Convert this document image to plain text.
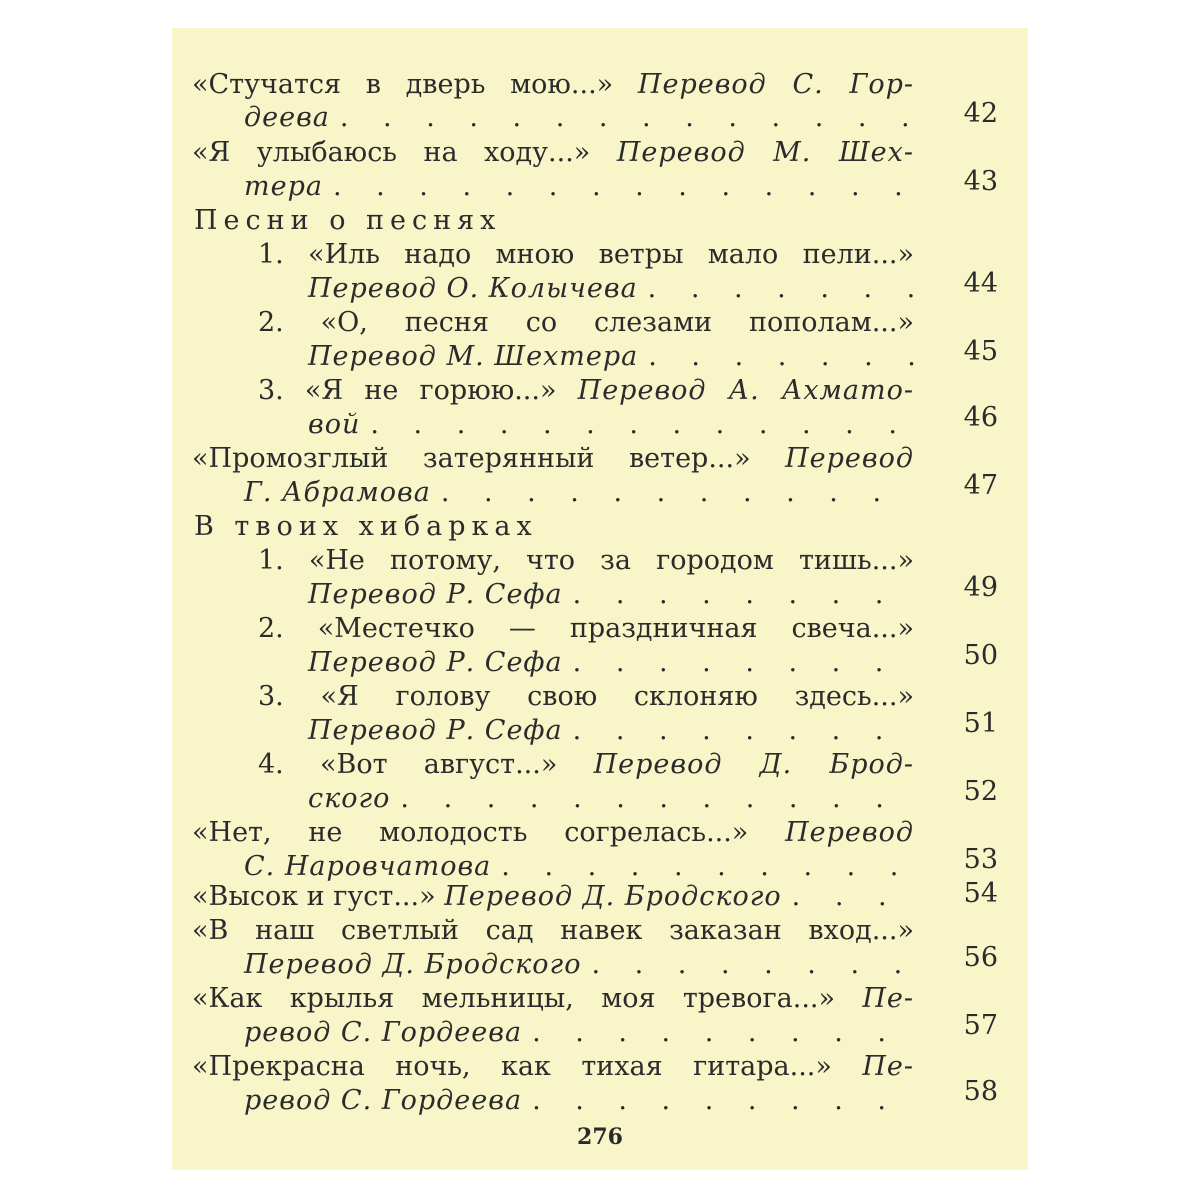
«Стучатся в дверь мою...» Перевод С. Гор-
деева . . .	42
«Я улыбаюсь на ходу...» Перевод М. Шех-
тера . . .	43
Песни о песнях
1. «Иль надо мною ветры мало пели...»
Перевод О. Колычева . . .	44
2. «О, песня со слезами пополам...»
Перевод М. Шехтера . . .	45
3. «Я не горюю...» Перевод А. Ахмато-
вой . . .	46
«Промозглый затерянный ветер...» Перевод
Г. Абрамова . . .	47
В твоих хибарках
1. «Не потому, что за городом тишь...»
Перевод Р. Сефа . . .	49
2. «Местечко — праздничная свеча...»
Перевод Р. Сефа . . .	50
3. «Я голову свою склоняю здесь...»
Перевод Р. Сефа . . .	51
4. «Вот август...» Перевод Д. Брод-
ского . . .	52
«Нет, не молодость согрелась...» Перевод
С. Наровчатова . . .	53
«Высок и густ...» Перевод Д. Бродского . . .	54
«В наш светлый сад навек заказан вход...»
Перевод Д. Бродского . . .	56
«Как крылья мельницы, моя тревога...» Пе-
ревод С. Гордеева . . .	57
«Прекрасна ночь, как тихая гитара...» Пе-
ревод С. Гордеева . . .	58
276
